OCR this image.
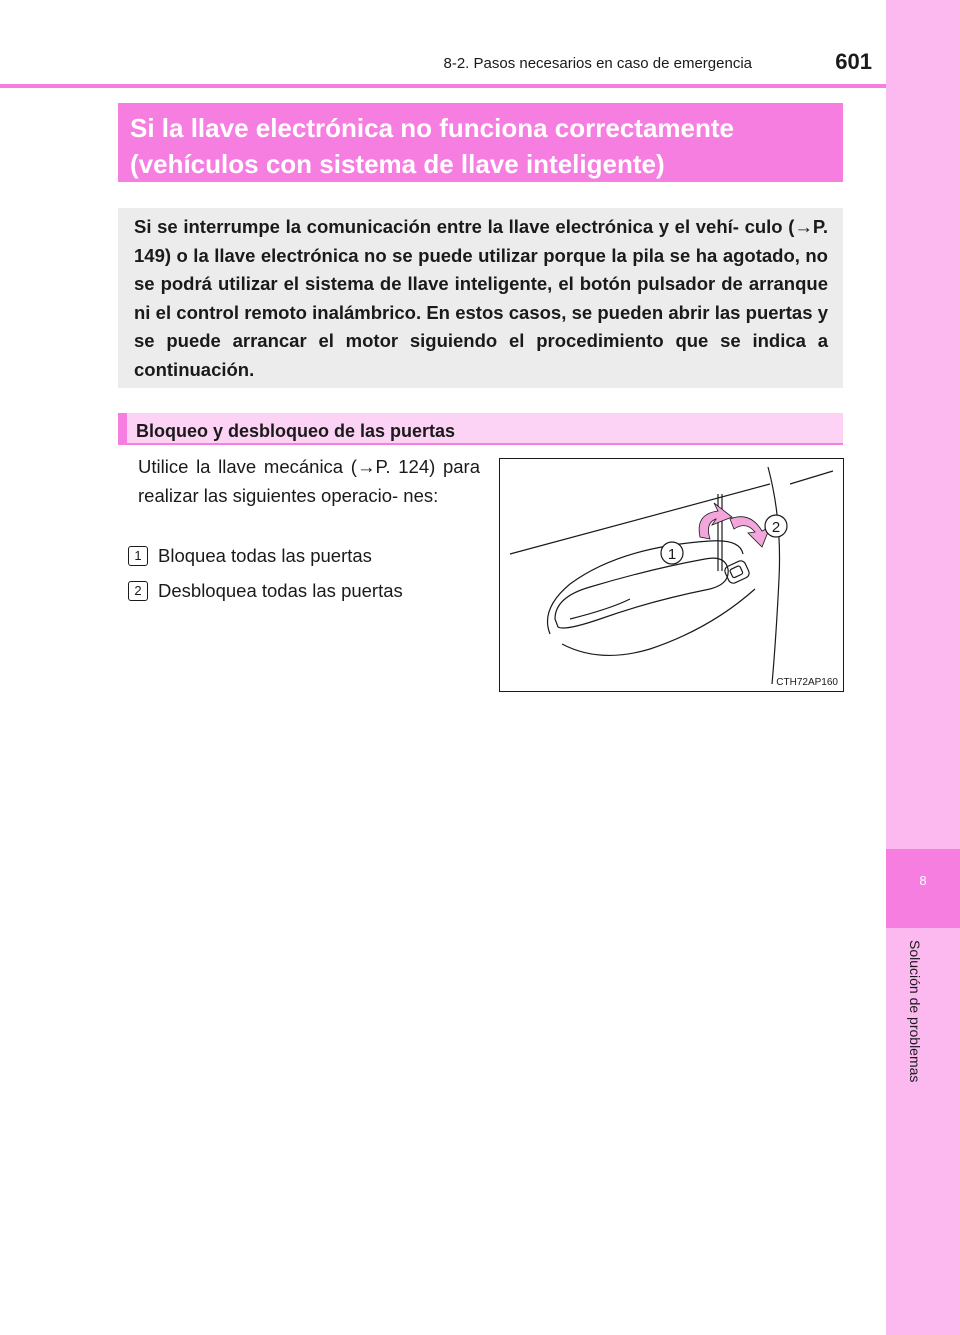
8
Solución de problemas
8-2. Pasos necesarios en caso de emergencia	601
Si la llave electrónica no funciona correctamente
(vehículos con sistema de llave inteligente)
Si se interrumpe la comunicación entre la llave electrónica y el vehí- culo (→P. 149) o la llave electrónica no se puede utilizar porque la pila se ha agotado, no se podrá utilizar el sistema de llave inteligente, el botón pulsador de arranque ni el control remoto inalámbrico. En estos casos, se pueden abrir las puertas y se puede arrancar el motor siguiendo el procedimiento que se indica a continuación.
Bloqueo y desbloqueo de las puertas
Utilice la llave mecánica (→P. 124) para realizar las siguientes operacio- nes:
1 Bloquea todas las puertas
2 Desbloquea todas las puertas
1
2
CTH72AP160
